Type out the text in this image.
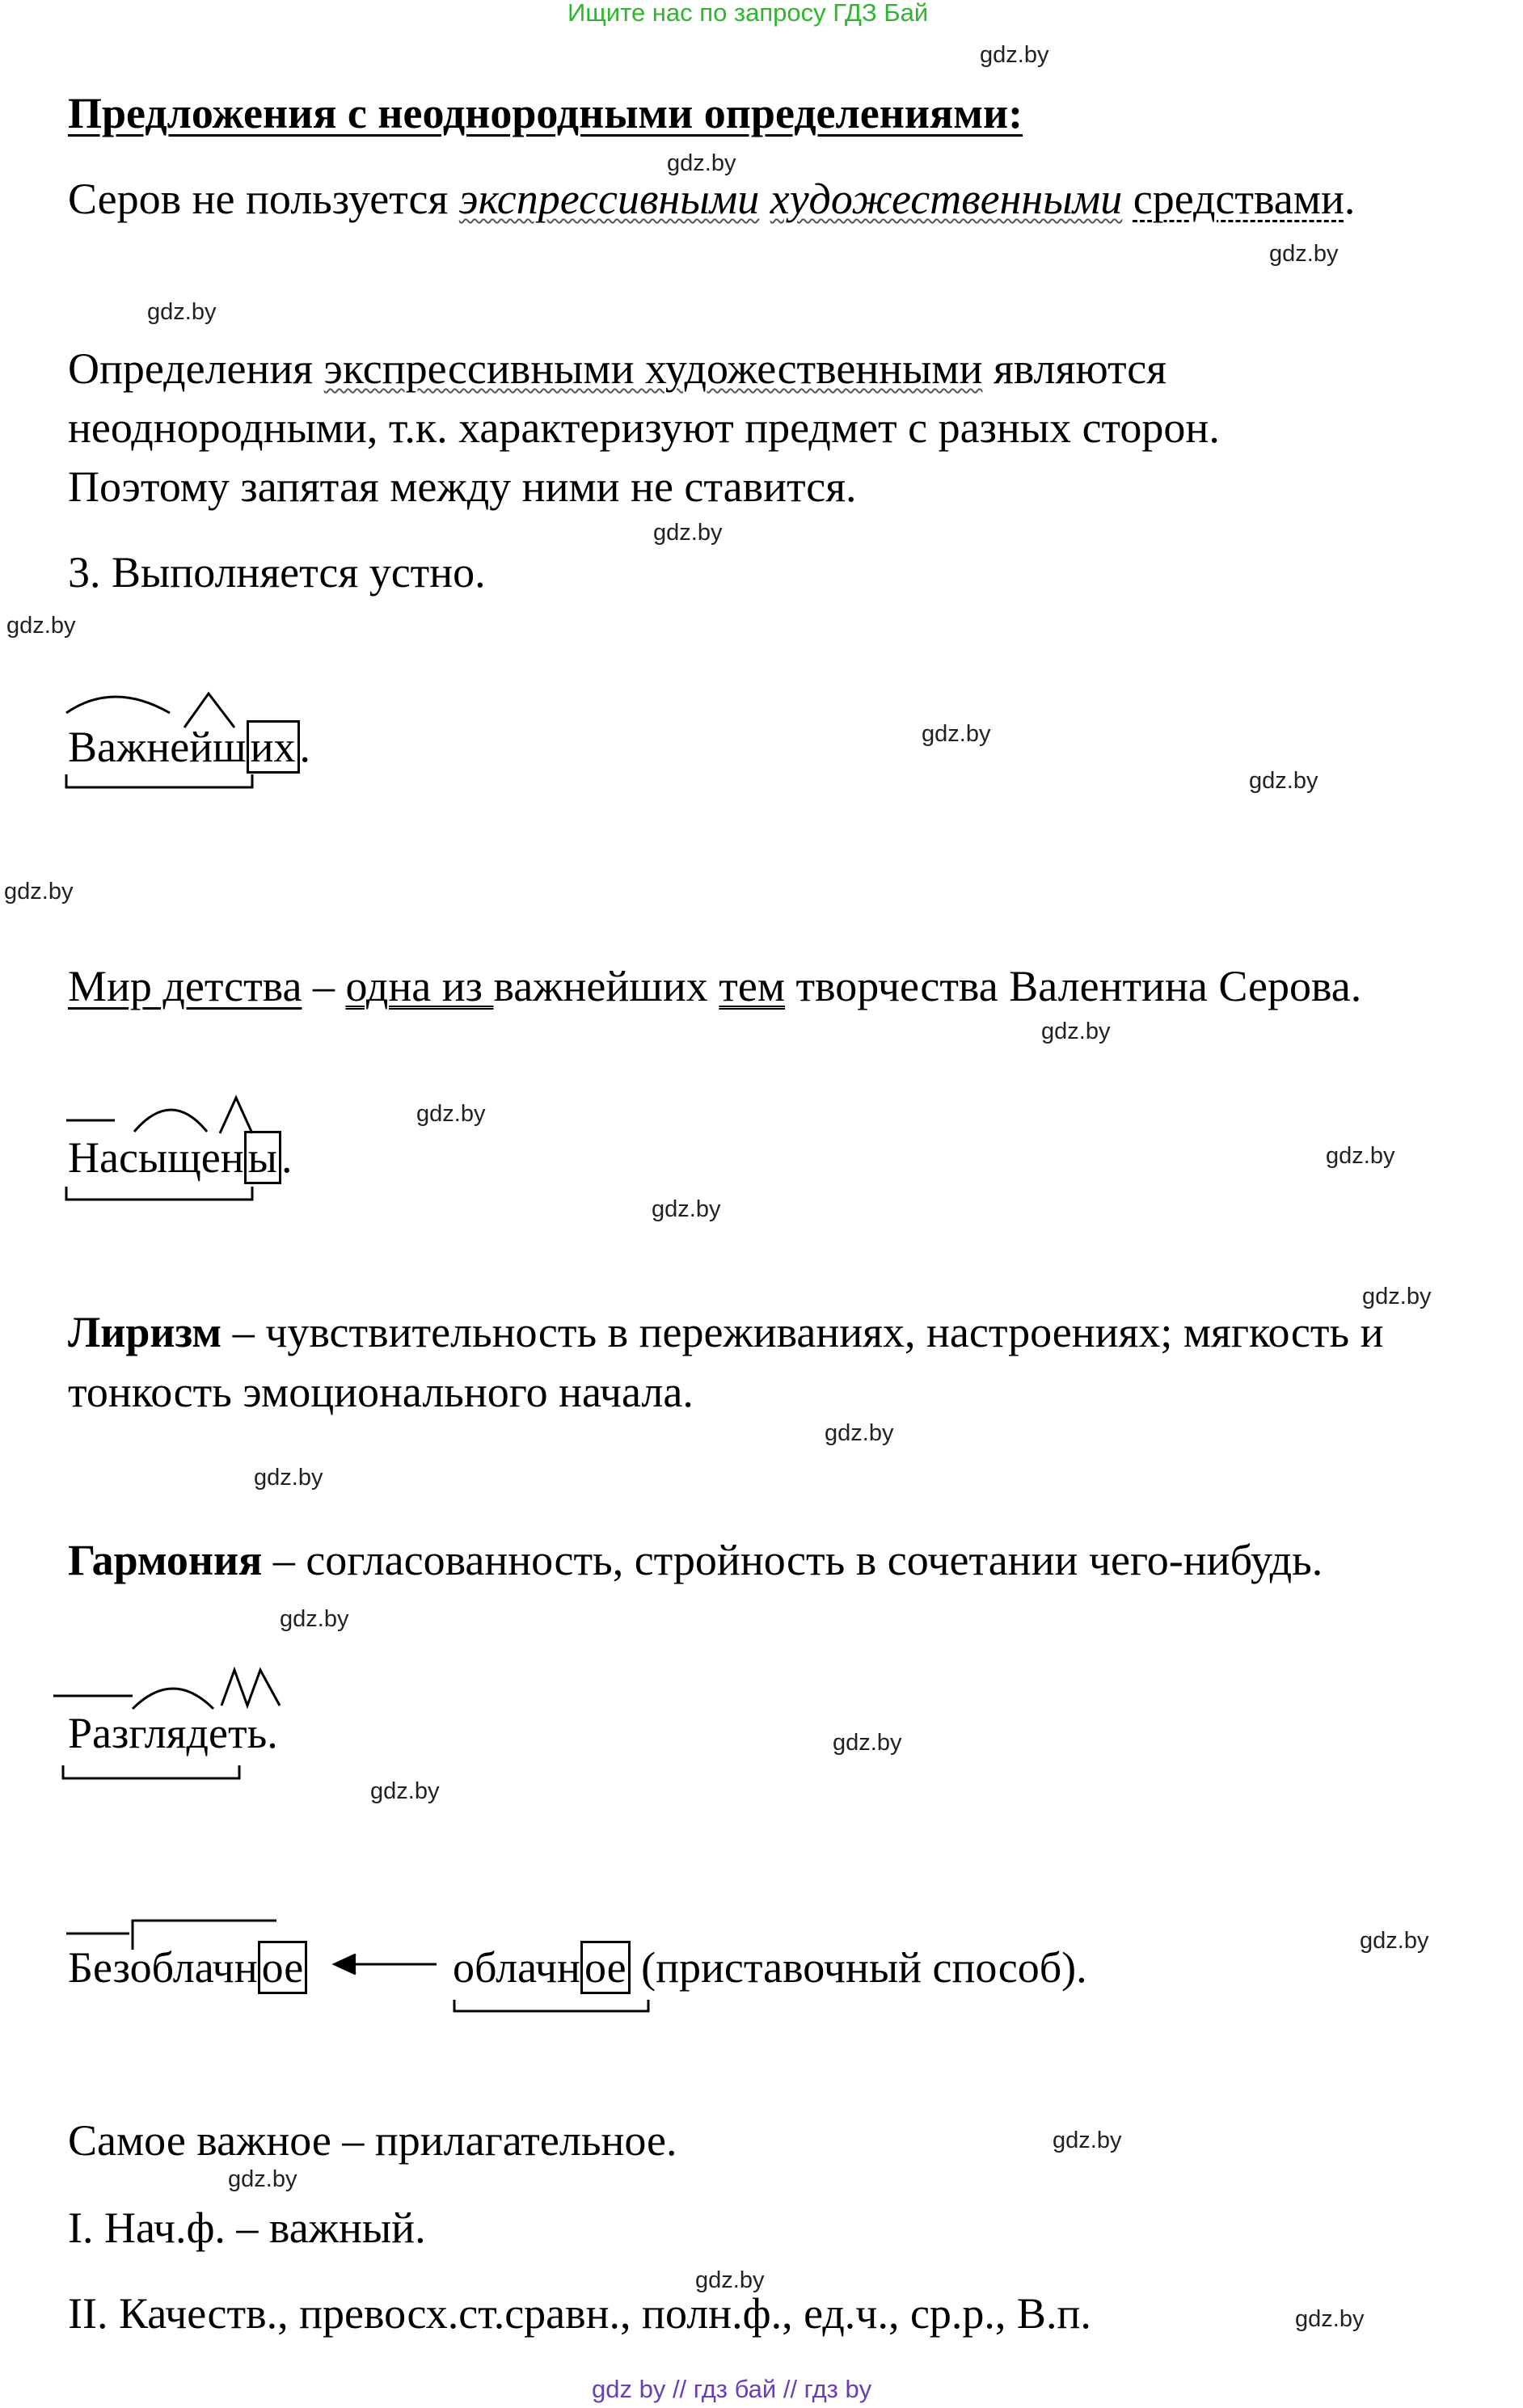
Ищите нас по запросу ГДЗ Бай
gdz by // гдз бай // гдз by
gdz.by
gdz.by
gdz.by
gdz.by
gdz.by
gdz.by
gdz.by
gdz.by
gdz.by
gdz.by
gdz.by
gdz.by
gdz.by
gdz.by
gdz.by
gdz.by
gdz.by
gdz.by
gdz.by
gdz.by
gdz.by
gdz.by
gdz.by
gdz.by
Предложения с неоднородными определениями:
Серов не пользуется экспрессивными художественными средствами.
Определения экспрессивными художественными являются
неоднородными, т.к. характеризуют предмет с разных сторон.
Поэтому запятая между ними не ставится.
3. Выполняется устно.
Важнейших.
Мир детства – одна из важнейших тем творчества Валентина Серова.
Насыщены.
Лиризм – чувствительность в переживаниях, настроениях; мягкость и
тонкость эмоционального начала.
Гармония – согласованность, стройность в сочетании чего-нибудь.
Разглядеть.
Безоблачное	облачное (приставочный способ).
Самое важное – прилагательное.
I. Нач.ф. – важный.
II. Качеств., превосх.ст.сравн., полн.ф., ед.ч., ср.р., В.п.
